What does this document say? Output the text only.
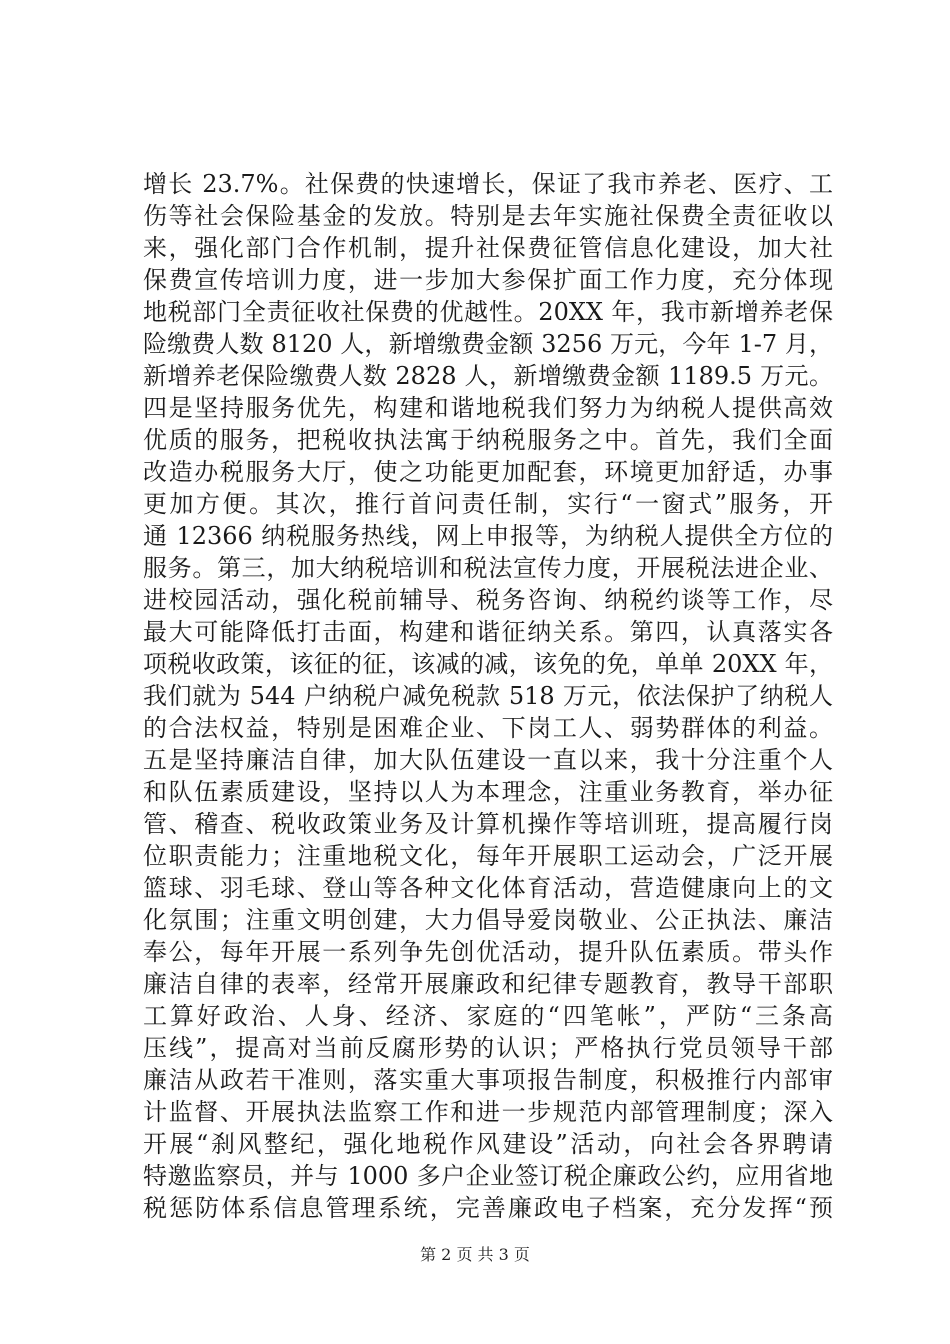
增长 23.7%。社保费的快速增长，保证了我市养老、医疗、工
伤等社会保险基金的发放。特别是去年实施社保费全责征收以
来，强化部门合作机制，提升社保费征管信息化建设，加大社
保费宣传培训力度，进一步加大参保扩面工作力度，充分体现
地税部门全责征收社保费的优越性。20XX 年，我市新增养老保
险缴费人数 8120 人，新增缴费金额 3256 万元，今年 1-7 月，
新增养老保险缴费人数 2828 人，新增缴费金额 1189.5 万元。
四是坚持服务优先，构建和谐地税我们努力为纳税人提供高效
优质的服务，把税收执法寓于纳税服务之中。首先，我们全面
改造办税服务大厅，使之功能更加配套，环境更加舒适，办事
更加方便。其次，推行首问责任制，实行“一窗式”服务，开
通 12366 纳税服务热线，网上申报等，为纳税人提供全方位的
服务。第三，加大纳税培训和税法宣传力度，开展税法进企业、
进校园活动，强化税前辅导、税务咨询、纳税约谈等工作，尽
最大可能降低打击面，构建和谐征纳关系。第四，认真落实各
项税收政策，该征的征，该减的减，该免的免，单单 20XX 年，
我们就为 544 户纳税户减免税款 518 万元，依法保护了纳税人
的合法权益，特别是困难企业、下岗工人、弱势群体的利益。
五是坚持廉洁自律，加大队伍建设一直以来，我十分注重个人
和队伍素质建设，坚持以人为本理念，注重业务教育，举办征
管、稽查、税收政策业务及计算机操作等培训班，提高履行岗
位职责能力；注重地税文化，每年开展职工运动会，广泛开展
篮球、羽毛球、登山等各种文化体育活动，营造健康向上的文
化氛围；注重文明创建，大力倡导爱岗敬业、公正执法、廉洁
奉公，每年开展一系列争先创优活动，提升队伍素质。带头作
廉洁自律的表率，经常开展廉政和纪律专题教育，教导干部职
工算好政治、人身、经济、家庭的“四笔帐”，严防“三条高
压线”，提高对当前反腐形势的认识；严格执行党员领导干部
廉洁从政若干准则，落实重大事项报告制度，积极推行内部审
计监督、开展执法监察工作和进一步规范内部管理制度；深入
开展“刹风整纪，强化地税作风建设”活动，向社会各界聘请
特邀监察员，并与 1000 多户企业签订税企廉政公约，应用省地
税惩防体系信息管理系统，完善廉政电子档案，充分发挥“预
第 2 页 共 3 页
